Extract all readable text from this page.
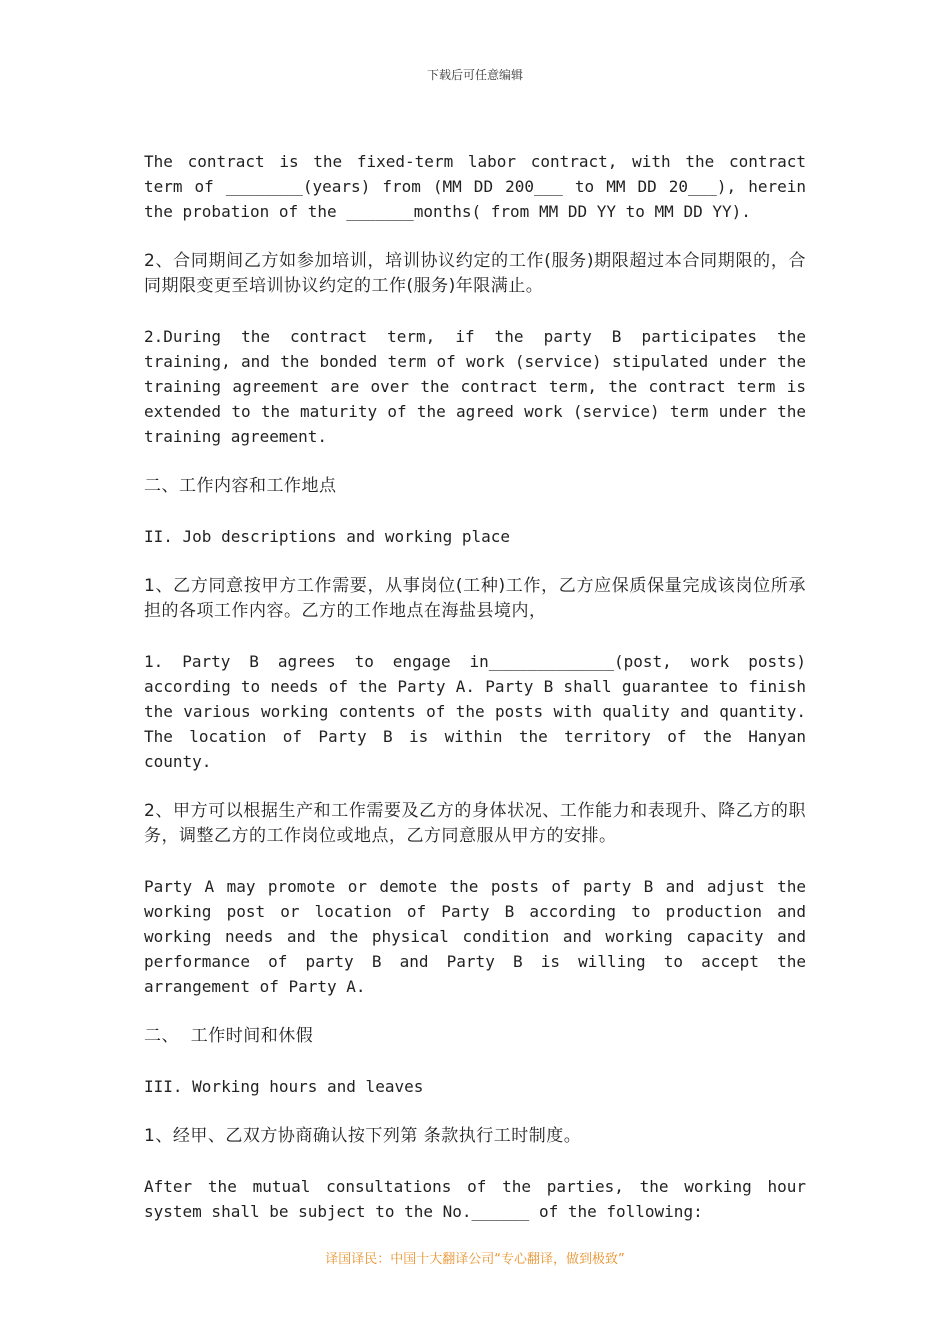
下载后可任意编辑

The contract is the fixed-term labor contract, with the contract term of ________(years) from (MM DD 200___ to MM DD 20___), herein the probation of the _______months( from MM DD YY to MM DD YY).

2、合同期间乙方如参加培训，培训协议约定的工作(服务)期限超过本合同期限的，合同期限变更至培训协议约定的工作(服务)年限满止。

2.During the contract term, if the party B participates the training, and the bonded term of work (service) stipulated under the training agreement are over the contract term, the contract term is extended to the maturity of the agreed work (service) term under the training agreement.

二、工作内容和工作地点

II. Job descriptions and working place

1、乙方同意按甲方工作需要，从事岗位(工种)工作，乙方应保质保量完成该岗位所承担的各项工作内容。乙方的工作地点在海盐县境内，

1. Party B agrees to engage in_____________(post, work posts) according to needs of the Party A. Party B shall guarantee to finish the various working contents of the posts with quality and quantity. The location of Party B is within the territory of the Hanyan county.

2、甲方可以根据生产和工作需要及乙方的身体状况、工作能力和表现升、降乙方的职务，调整乙方的工作岗位或地点，乙方同意服从甲方的安排。

Party A may promote or demote the posts of party B and adjust the working post or location of Party B according to production and working needs and the physical condition and working capacity and performance of party B and Party B is willing to accept the arrangement of Party A.

二、  工作时间和休假

III. Working hours and leaves

1、经甲、乙双方协商确认按下列第 条款执行工时制度。

After the mutual consultations of the parties, the working hour system shall be subject to the No.______ of the following:

译国译民：中国十大翻译公司“专心翻译，做到极致”
